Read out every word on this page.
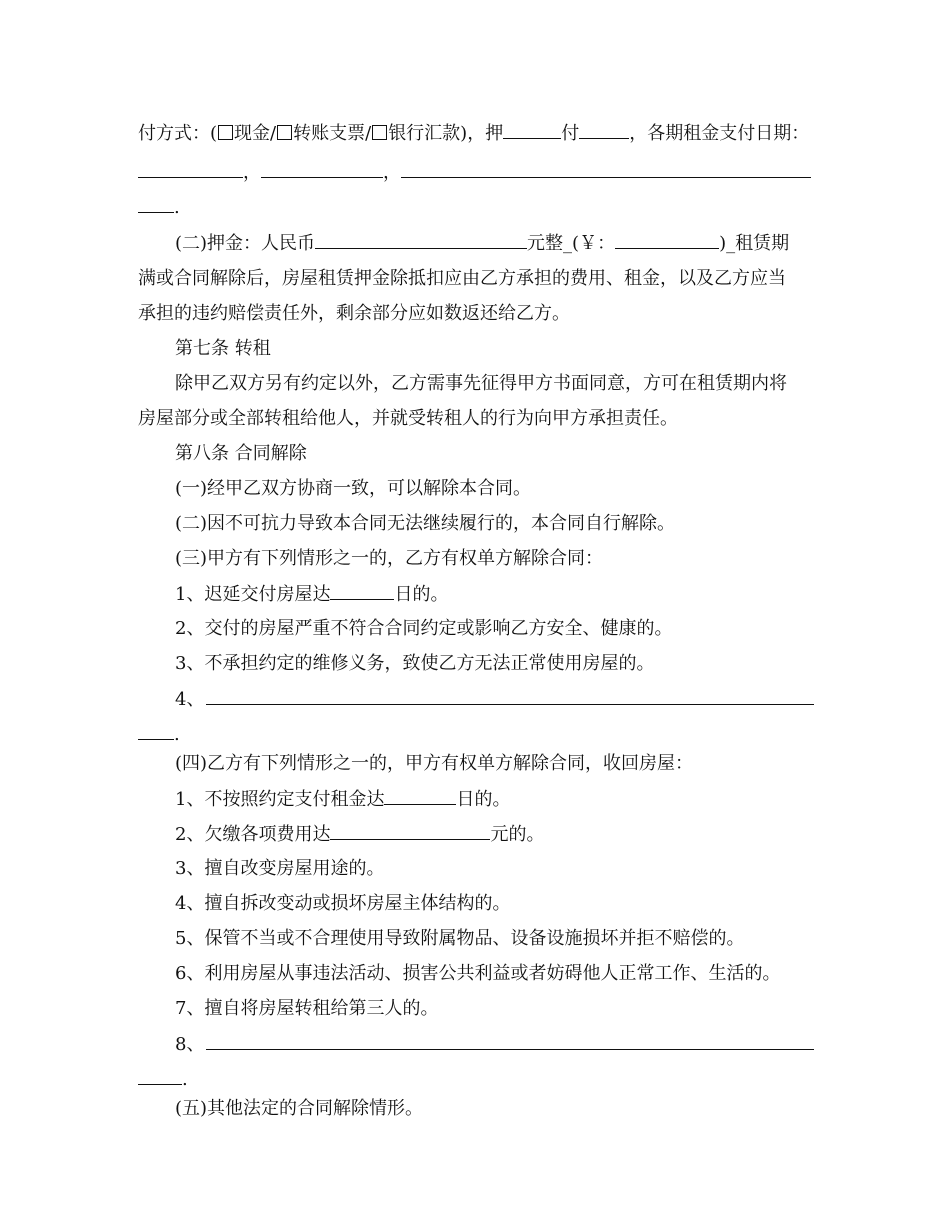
付方式：( 现金/ 转账支票/ 银行汇款)，押	付	，各期租金支付日期：
，	，
.
(二)押金：人民币	元整_(￥：	)_租赁期
满或合同解除后，房屋租赁押金除抵扣应由乙方承担的费用、租金，以及乙方应当
承担的违约赔偿责任外，剩余部分应如数返还给乙方。
第七条 转租
除甲乙双方另有约定以外，乙方需事先征得甲方书面同意，方可在租赁期内将
房屋部分或全部转租给他人，并就受转租人的行为向甲方承担责任。
第八条 合同解除
(一)经甲乙双方协商一致，可以解除本合同。
(二)因不可抗力导致本合同无法继续履行的，本合同自行解除。
(三)甲方有下列情形之一的，乙方有权单方解除合同：
1、迟延交付房屋达	日的。
2、交付的房屋严重不符合合同约定或影响乙方安全、健康的。
3、不承担约定的维修义务，致使乙方无法正常使用房屋的。
4、
.
(四)乙方有下列情形之一的，甲方有权单方解除合同，收回房屋：
1、不按照约定支付租金达	日的。
2、欠缴各项费用达	元的。
3、擅自改变房屋用途的。
4、擅自拆改变动或损坏房屋主体结构的。
5、保管不当或不合理使用导致附属物品、设备设施损坏并拒不赔偿的。
6、利用房屋从事违法活动、损害公共利益或者妨碍他人正常工作、生活的。
7、擅自将房屋转租给第三人的。
8、
.
(五)其他法定的合同解除情形。
